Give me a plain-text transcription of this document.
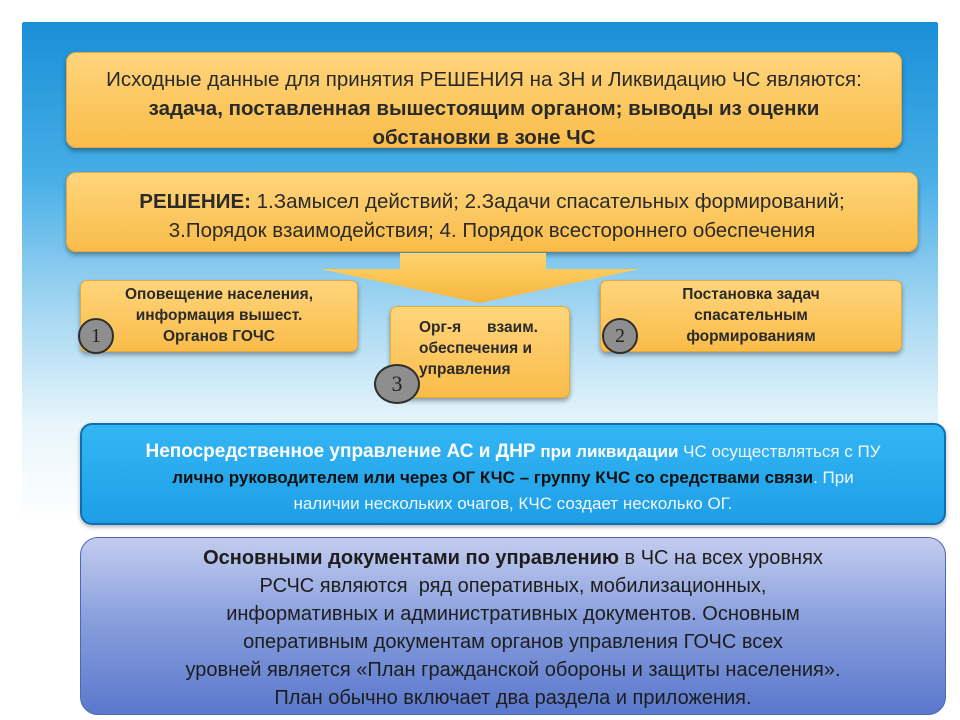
Исходные данные для принятия РЕШЕНИЯ на ЗН и Ликвидацию ЧС являются:
задача, поставленная вышестоящим органом; выводы из оценки
обстановки в зоне ЧС
РЕШЕНИЕ: 1.Замысел действий; 2.Задачи спасательных формирований;
3.Порядок взаимодействия; 4. Порядок всестороннего обеспечения
Оповещение населения,
информация вышест.
Органов ГОЧС
Орг-я      взаим.
обеспечения и
управления
Постановка задач
спасательным
формированиям
1	2
3
Непосредственное управление АС и ДНР при ликвидации ЧС осуществляться с ПУ
лично руководителем или через ОГ КЧС – группу КЧС со средствами связи. При
наличии нескольких очагов, КЧС создает несколько ОГ.
Основными документами по управлению в ЧС на всех уровнях
РСЧС являются  ряд оперативных, мобилизационных,
информативных и административных документов. Основным
оперативным документам органов управления ГОЧС всех
уровней является «План гражданской обороны и защиты населения».
План обычно включает два раздела и приложения.
